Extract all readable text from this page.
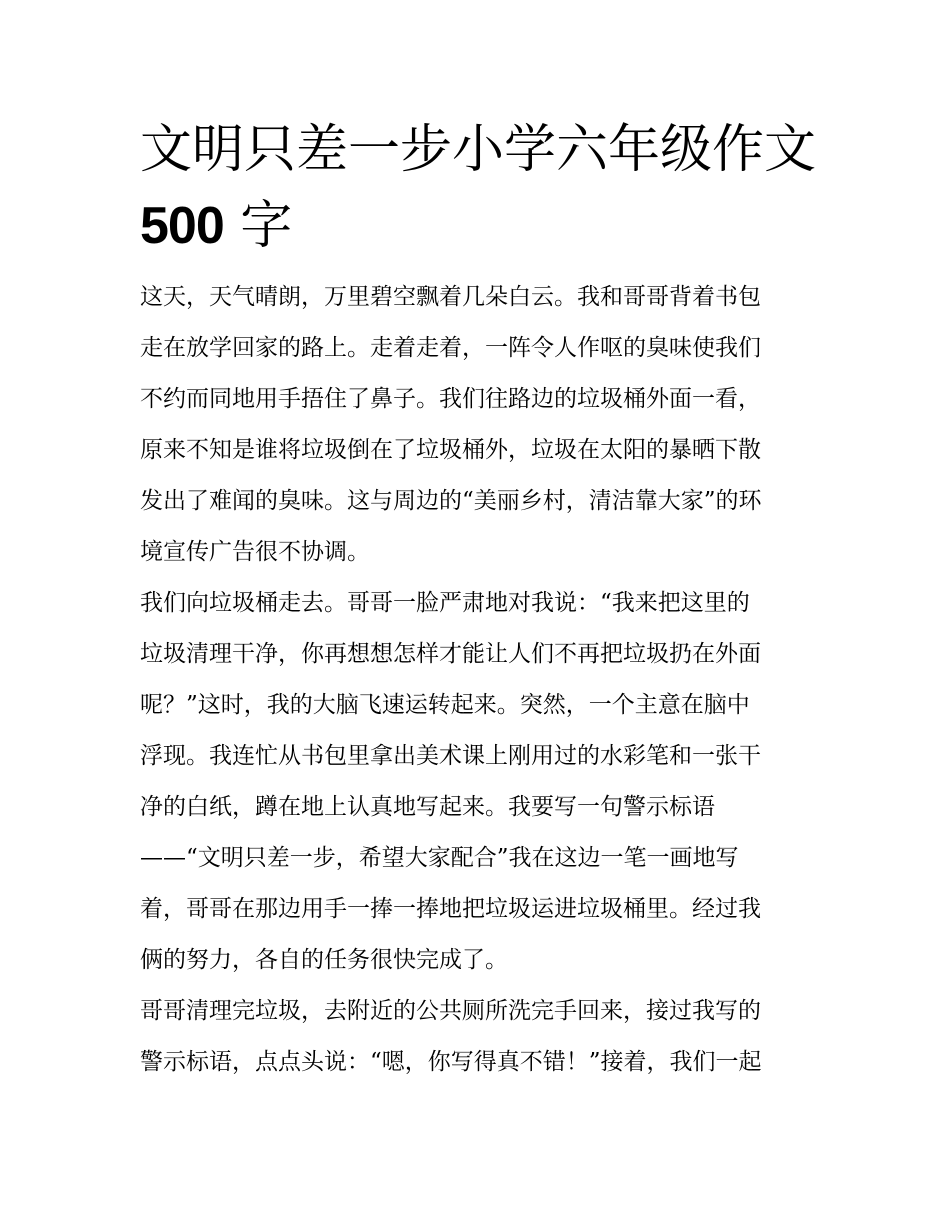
文明只差一步小学六年级作文
500 字
这天，天气晴朗，万里碧空飘着几朵白云。我和哥哥背着书包
走在放学回家的路上。走着走着，一阵令人作呕的臭味使我们
不约而同地用手捂住了鼻子。我们往路边的垃圾桶外面一看，
原来不知是谁将垃圾倒在了垃圾桶外，垃圾在太阳的暴晒下散
发出了难闻的臭味。这与周边的“美丽乡村，清洁靠大家”的环
境宣传广告很不协调。
我们向垃圾桶走去。哥哥一脸严肃地对我说：“我来把这里的
垃圾清理干净，你再想想怎样才能让人们不再把垃圾扔在外面
呢？”这时，我的大脑飞速运转起来。突然，一个主意在脑中
浮现。我连忙从书包里拿出美术课上刚用过的水彩笔和一张干
净的白纸，蹲在地上认真地写起来。我要写一句警示标语
——“文明只差一步，希望大家配合”我在这边一笔一画地写
着，哥哥在那边用手一捧一捧地把垃圾运进垃圾桶里。经过我
俩的努力，各自的任务很快完成了。
哥哥清理完垃圾，去附近的公共厕所洗完手回来，接过我写的
警示标语，点点头说：“嗯，你写得真不错！”接着，我们一起
